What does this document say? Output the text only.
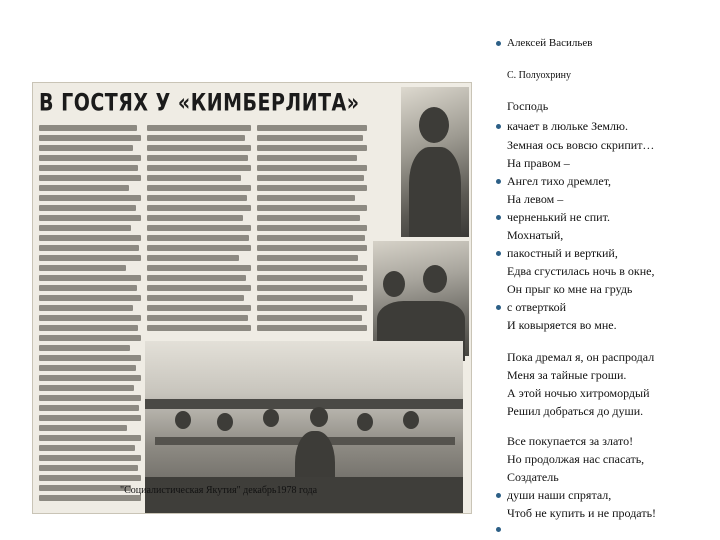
В ГОСТЯХ У «КИМБЕРЛИТА»
"Социалистическая Якутия" декабрь1978 года
Алексей Васильев
С. Полуохрину
Господь
качает в люльке Землю.
Земная ось вовсю скрипит…
На правом –
Ангел тихо дремлет,
На левом –
черненький не спит.
Мохнатый,
пакостный и верткий,
Едва сгустилась ночь в окне,
Он прыг ко мне на грудь
с отверткой
И ковыряется во мне.
Пока дремал я, он распродал
Меня за тайные гроши.
А этой ночью хитромордый
Решил добраться до души.
Все покупается за злато!
Но продолжая нас спасать,
Создатель
души наши спрятал,
Чтоб не купить и не продать!
